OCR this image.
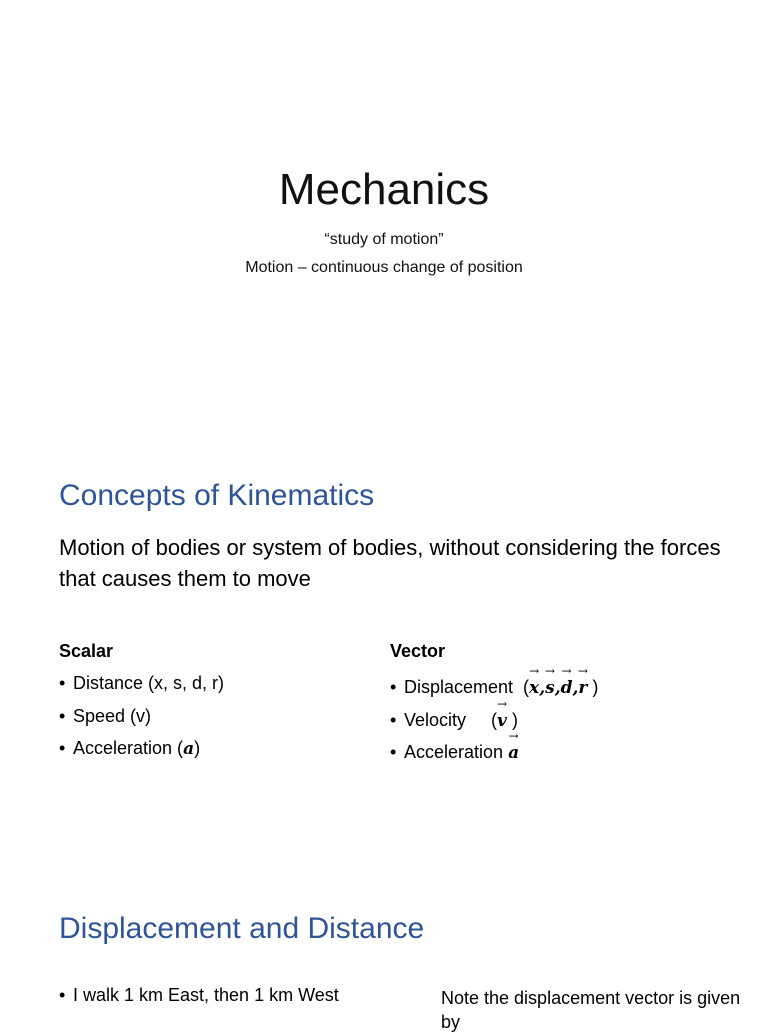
Mechanics
“study of motion”
Motion – continuous change of position
Concepts of Kinematics
Motion of bodies or system of bodies, without considering the forces that causes them to move
Scalar
• Distance (x, s, d, r)
• Speed (v)
• Acceleration (a)
Vector
• Displacement  (→ x,→ s,→ d,→ r )
• Velocity     (→ v )
• Acceleration → a
Displacement and Distance
• I walk 1 km East, then 1 km West	Note the displacement vector is given by
